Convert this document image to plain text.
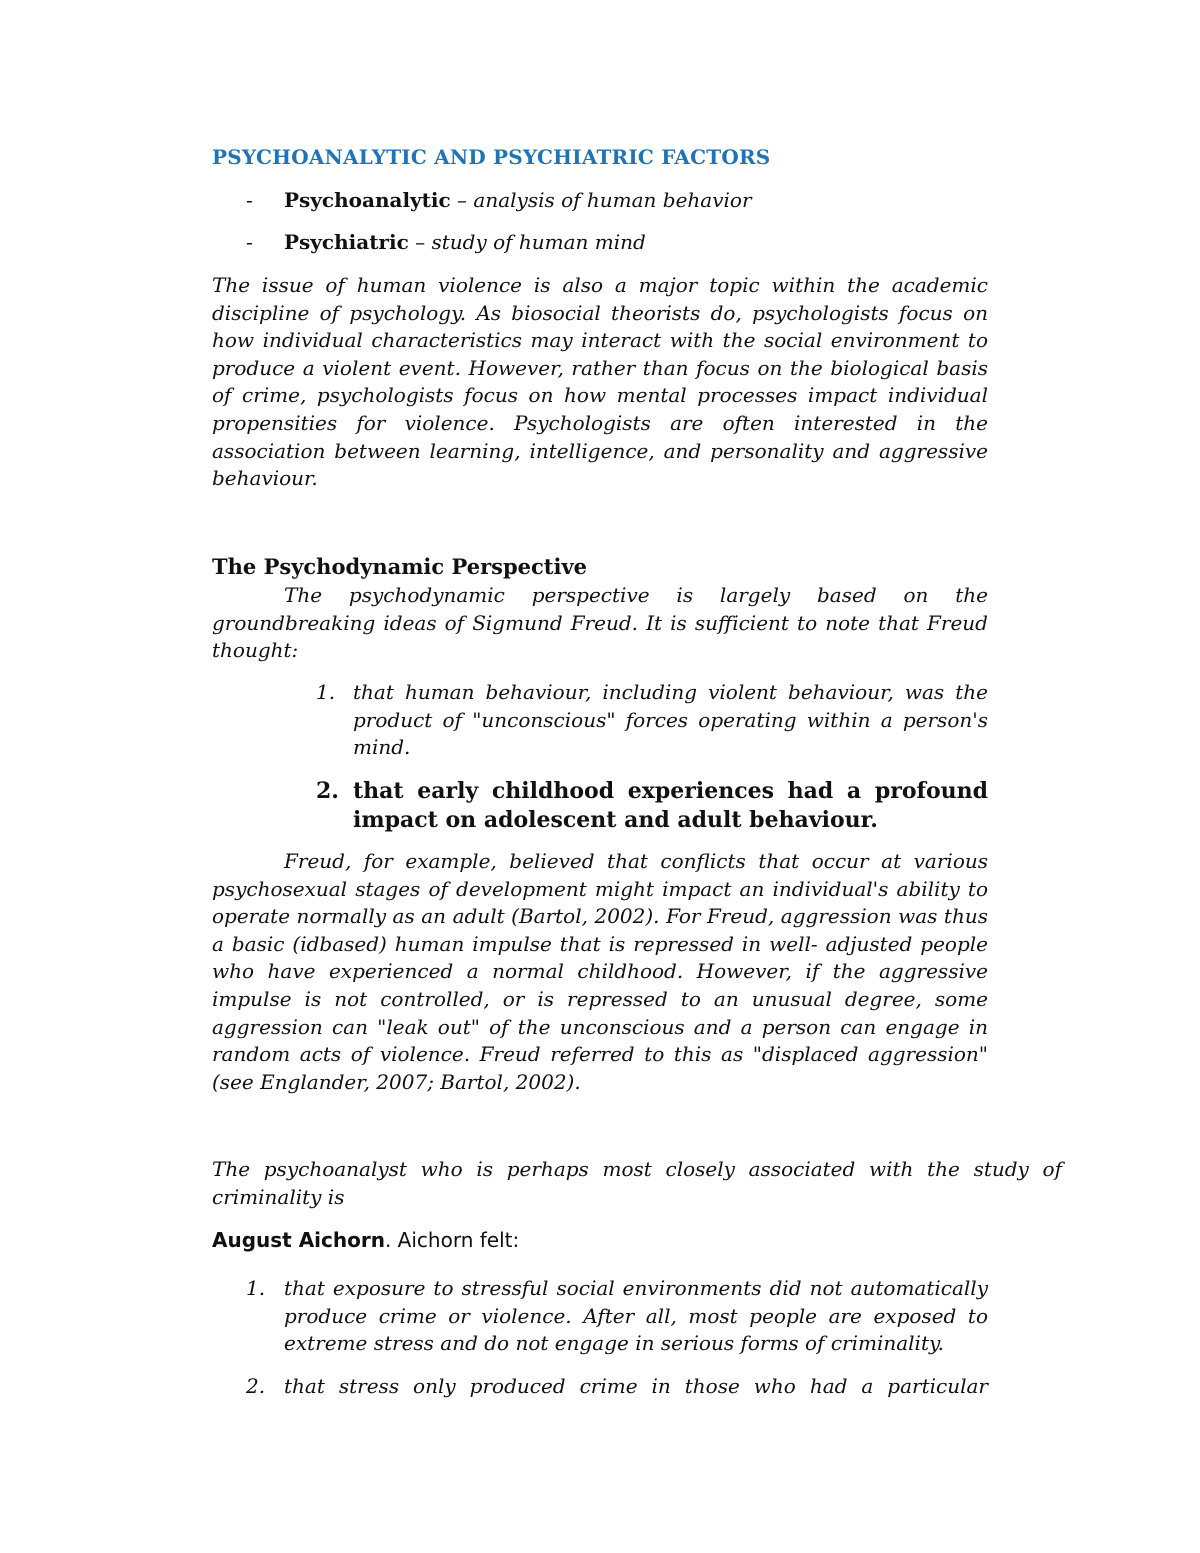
PSYCHOANALYTIC AND PSYCHIATRIC FACTORS
- Psychoanalytic – analysis of human behavior
- Psychiatric – study of human mind

The issue of human violence is also a major topic within the academic discipline of psychology. As biosocial theorists do, psychologists focus on how individual characteristics may interact with the social environment to produce a violent event. However, rather than focus on the biological basis of crime, psychologists focus on how mental processes impact individual propensities for violence. Psychologists are often interested in the association between learning, intelligence, and personality and aggressive behaviour.

The Psychodynamic Perspective

The psychodynamic perspective is largely based on the groundbreaking ideas of Sigmund Freud. It is sufficient to note that Freud thought:

1. that human behaviour, including violent behaviour, was the product of "unconscious" forces operating within a person's mind.
2. that early childhood experiences had a profound impact on adolescent and adult behaviour.

Freud, for example, believed that conflicts that occur at various psychosexual stages of development might impact an individual's ability to operate normally as an adult (Bartol, 2002). For Freud, aggression was thus a basic (idbased) human impulse that is repressed in well- adjusted people who have experienced a normal childhood. However, if the aggressive impulse is not controlled, or is repressed to an unusual degree, some aggression can "leak out" of the unconscious and a person can engage in random acts of violence. Freud referred to this as "displaced aggression" (see Englander, 2007; Bartol, 2002).

The psychoanalyst who is perhaps most closely associated with the study of criminality is

August Aichorn. Aichorn felt:
1. that exposure to stressful social environments did not automatically produce crime or violence. After all, most people are exposed to extreme stress and do not engage in serious forms of criminality.
2. that stress only produced crime in those who had a particular
